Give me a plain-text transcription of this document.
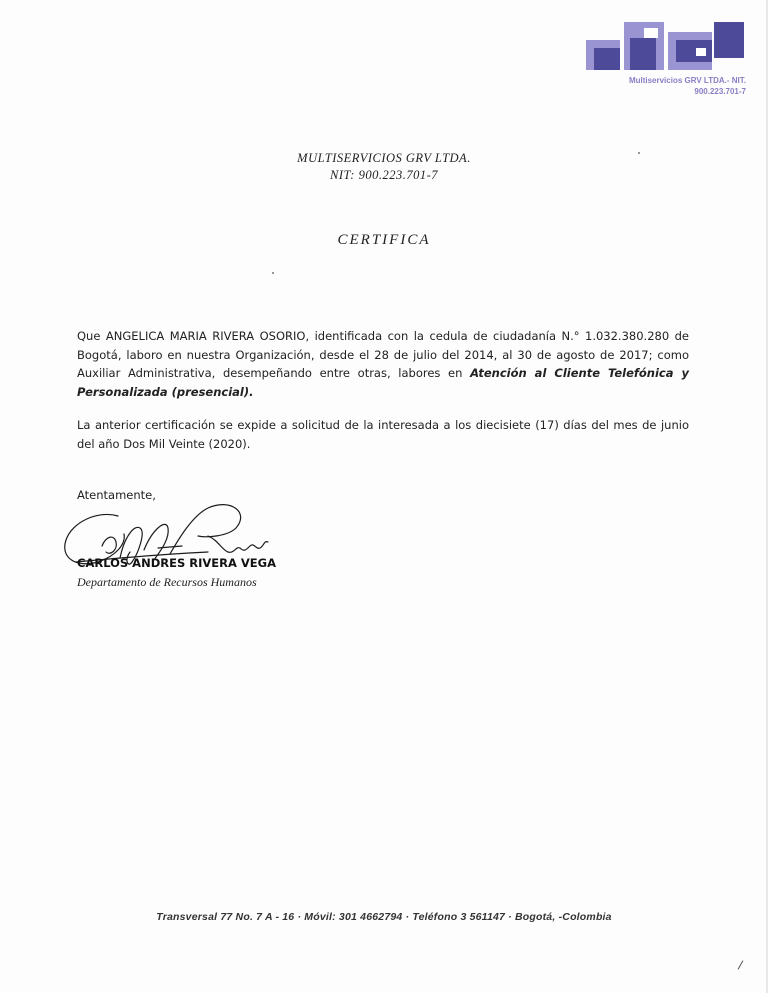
Multiservicios GRV LTDA.- NIT.
900.223.701-7
MULTISERVICIOS GRV LTDA.
NIT: 900.223.701-7
CERTIFICA
Que ANGELICA MARIA RIVERA OSORIO, identificada con la cedula de ciudadanía N.° 1.032.380.280 de Bogotá, laboro en nuestra Organización, desde el 28 de julio del 2014, al 30 de agosto de 2017; como Auxiliar Administrativa, desempeñando entre otras, labores en Atención al Cliente Telefónica y Personalizada (presencial).
La anterior certificación se expide a solicitud de la interesada a los diecisiete (17) días del mes de junio del año Dos Mil Veinte (2020).
Atentamente,
CARLOS ANDRES RIVERA VEGA
Departamento de Recursos Humanos
Transversal 77 No. 7 A - 16 · Móvil: 301 4662794 · Teléfono 3 561147 · Bogotá, -Colombia
